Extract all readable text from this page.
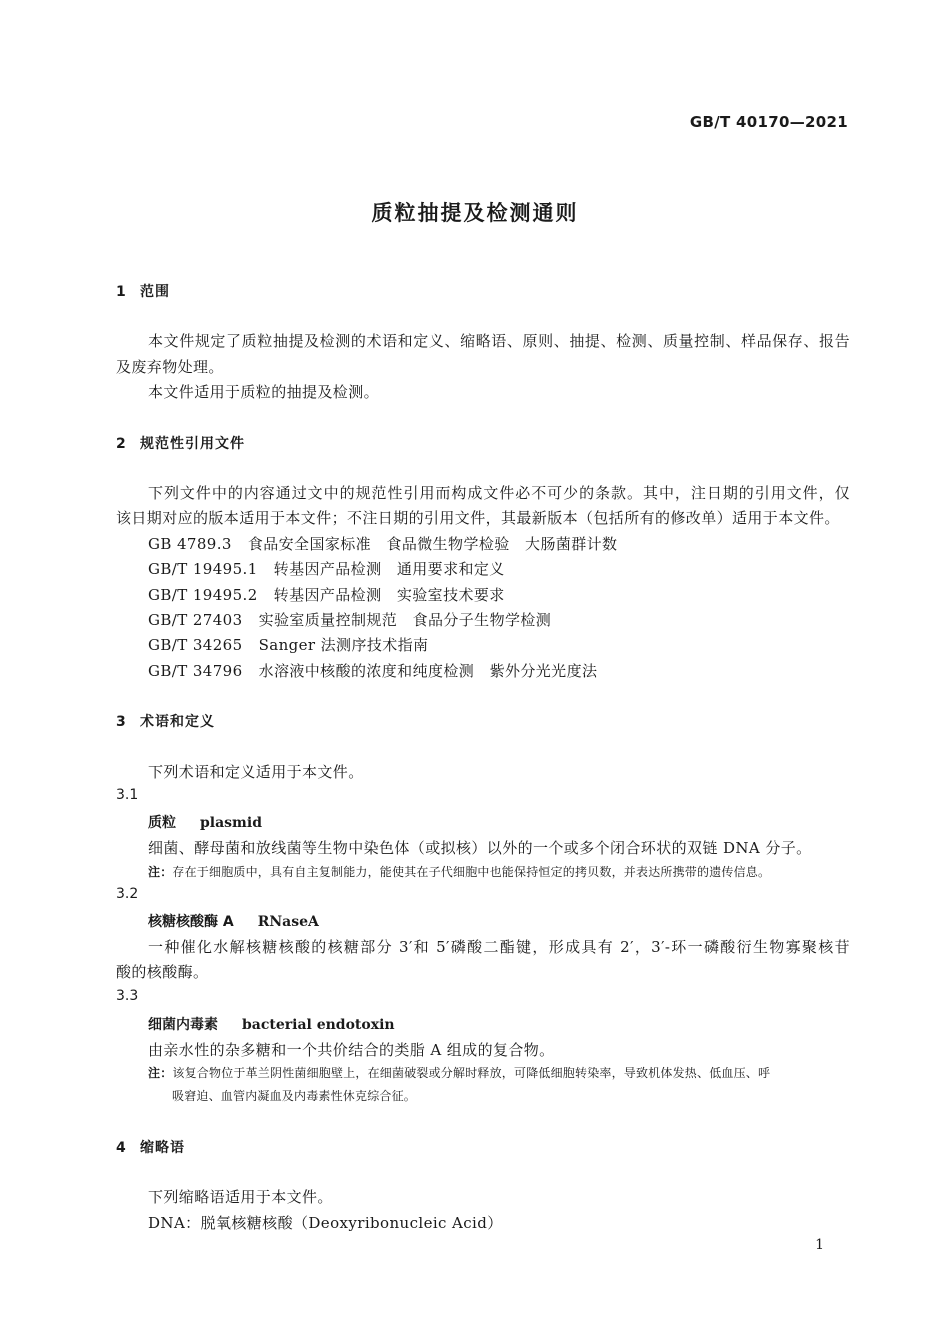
GB/T 40170—2021
质粒抽提及检测通则
1 范围
本文件规定了质粒抽提及检测的术语和定义、缩略语、原则、抽提、检测、质量控制、样品保存、报告
及废弃物处理。
本文件适用于质粒的抽提及检测。
2 规范性引用文件
下列文件中的内容通过文中的规范性引用而构成文件必不可少的条款。其中，注日期的引用文件，仅
该日期对应的版本适用于本文件；不注日期的引用文件，其最新版本（包括所有的修改单）适用于本文件。
GB 4789.3 食品安全国家标准　食品微生物学检验　大肠菌群计数
GB/T 19495.1 转基因产品检测　通用要求和定义
GB/T 19495.2 转基因产品检测　实验室技术要求
GB/T 27403 实验室质量控制规范　食品分子生物学检测
GB/T 34265 Sanger 法测序技术指南
GB/T 34796 水溶液中核酸的浓度和纯度检测　紫外分光光度法
3 术语和定义
下列术语和定义适用于本文件。
3.1
质粒 plasmid
细菌、酵母菌和放线菌等生物中染色体（或拟核）以外的一个或多个闭合环状的双链 DNA 分子。
注：存在于细胞质中，具有自主复制能力，能使其在子代细胞中也能保持恒定的拷贝数，并表达所携带的遗传信息。
3.2
核糖核酸酶 A RNaseA
一种催化水解核糖核酸的核糖部分 3′和 5′磷酸二酯键，形成具有 2′，3′-环一磷酸衍生物寡聚核苷
酸的核酸酶。
3.3
细菌内毒素 bacterial endotoxin
由亲水性的杂多糖和一个共价结合的类脂 A 组成的复合物。
注：该复合物位于革兰阴性菌细胞壁上，在细菌破裂或分解时释放，可降低细胞转染率，导致机体发热、低血压、呼
吸窘迫、血管内凝血及内毒素性休克综合征。
4 缩略语
下列缩略语适用于本文件。
DNA：脱氧核糖核酸（Deoxyribonucleic Acid）
1
